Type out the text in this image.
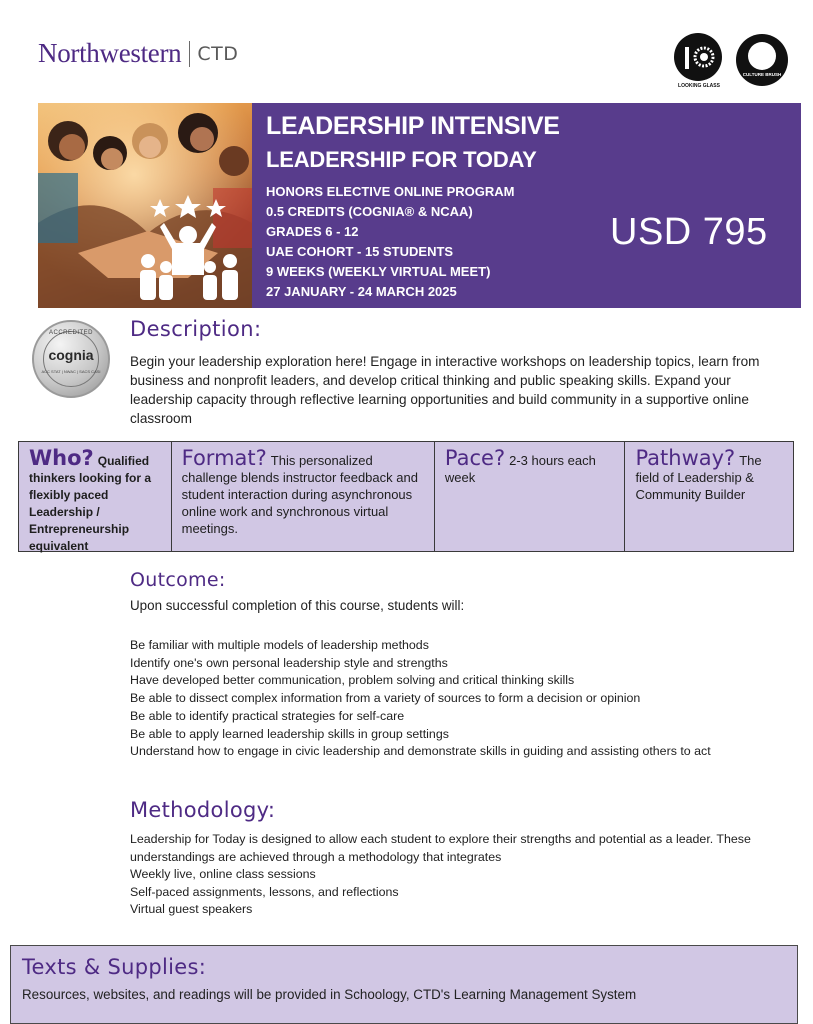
Northwestern CTD
LOOKING GLASS
CULTURE BRUSH
LEADERSHIP INTENSIVE
LEADERSHIP FOR TODAY
HONORS ELECTIVE ONLINE PROGRAM
0.5 CREDITS (COGNIA® & NCAA)
GRADES 6 - 12
UAE COHORT - 15 STUDENTS
9 WEEKS (WEEKLY VIRTUAL MEET)
27 JANUARY - 24 MARCH 2025
USD 795
ACCREDITED
cognia
ACC STAT | NWAC | SACS CASI
Description:

Begin your leadership exploration here! Engage in interactive workshops on leadership topics, learn from business and nonprofit leaders, and develop critical thinking and public speaking skills. Expand your leadership capacity through reflective learning opportunities and build community in a supportive online classroom

Who? Qualified thinkers looking for a flexibly paced Leadership / Entrepreneurship equivalent
Format? This personalized challenge blends instructor feedback and student interaction during asynchronous online work and synchronous virtual meetings.
Pace? 2-3 hours each week
Pathway? The field of Leadership & Community Builder
Outcome:
Upon successful completion of this course, students will:
Be familiar with multiple models of leadership methods
Identify one's own personal leadership style and strengths
Have developed better communication, problem solving and critical thinking skills
Be able to dissect complex information from a variety of sources to form a decision or opinion
Be able to identify practical strategies for self-care
Be able to apply learned leadership skills in group settings
Understand how to engage in civic leadership and demonstrate skills in guiding and assisting others to act
Methodology:
Leadership for Today is designed to allow each student to explore their strengths and potential as a leader. These understandings are achieved through a methodology that integrates
Weekly live, online class sessions
Self-paced assignments, lessons, and reflections
Virtual guest speakers
Texts & Supplies:
Resources, websites, and readings will be provided in Schoology, CTD's Learning Management System
